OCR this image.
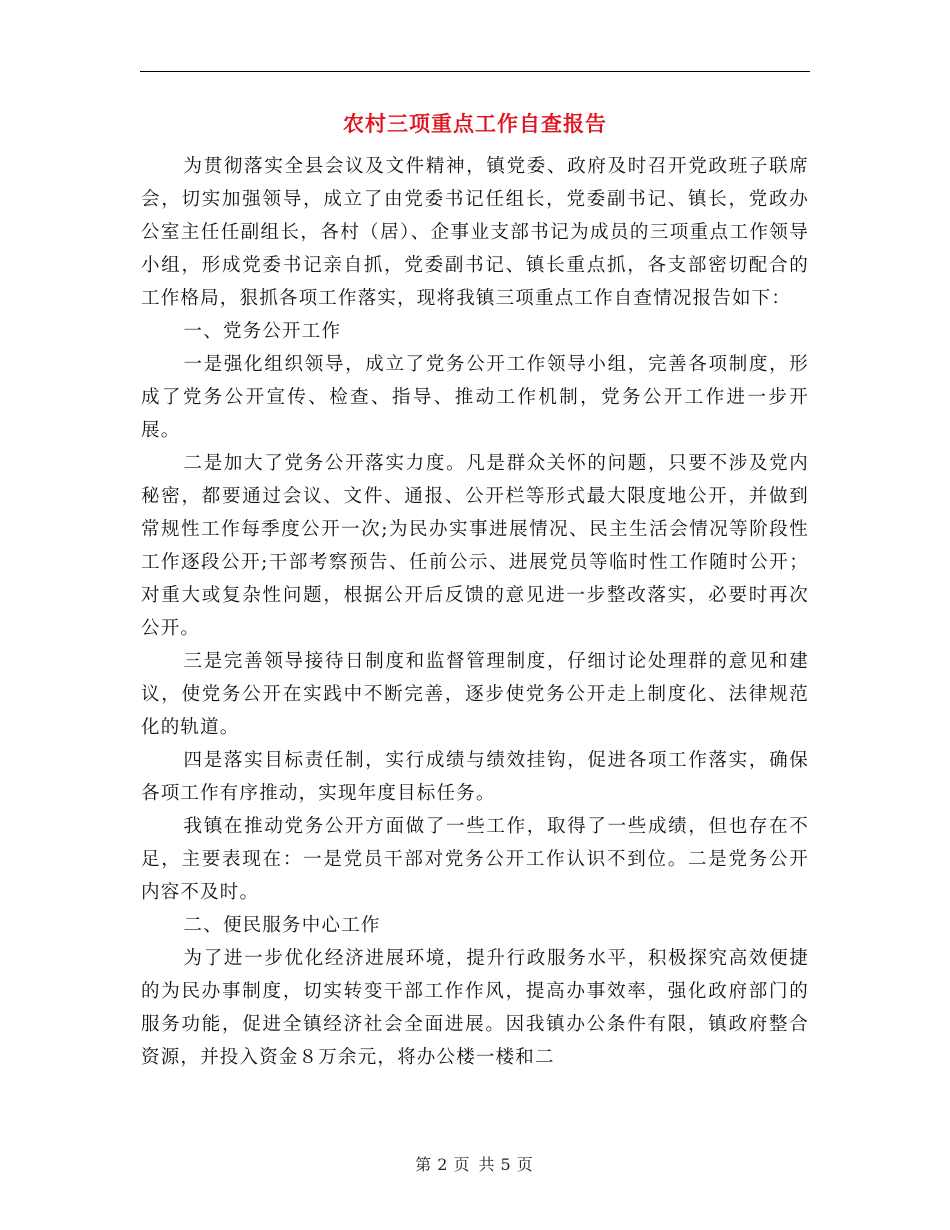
农村三项重点工作自查报告

为贯彻落实全县会议及文件精神，镇党委、政府及时召开党政班子联席会，切实加强领导，成立了由党委书记任组长，党委副书记、镇长，党政办公室主任任副组长，各村（居）、企事业支部书记为成员的三项重点工作领导小组，形成党委书记亲自抓，党委副书记、镇长重点抓，各支部密切配合的工作格局，狠抓各项工作落实，现将我镇三项重点工作自查情况报告如下：

一、党务公开工作

一是强化组织领导，成立了党务公开工作领导小组，完善各项制度，形成了党务公开宣传、检查、指导、推动工作机制，党务公开工作进一步开展。

二是加大了党务公开落实力度。凡是群众关怀的问题，只要不涉及党内秘密，都要通过会议、文件、通报、公开栏等形式最大限度地公开，并做到常规性工作每季度公开一次;为民办实事进展情况、民主生活会情况等阶段性工作逐段公开;干部考察预告、任前公示、进展党员等临时性工作随时公开；对重大或复杂性问题，根据公开后反馈的意见进一步整改落实，必要时再次公开。

三是完善领导接待日制度和监督管理制度，仔细讨论处理群的意见和建议，使党务公开在实践中不断完善，逐步使党务公开走上制度化、法律规范化的轨道。

四是落实目标责任制，实行成绩与绩效挂钩，促进各项工作落实，确保各项工作有序推动，实现年度目标任务。

我镇在推动党务公开方面做了一些工作，取得了一些成绩，但也存在不足，主要表现在：一是党员干部对党务公开工作认识不到位。二是党务公开内容不及时。

二、便民服务中心工作

为了进一步优化经济进展环境，提升行政服务水平，积极探究高效便捷的为民办事制度，切实转变干部工作作风，提高办事效率，强化政府部门的服务功能，促进全镇经济社会全面进展。因我镇办公条件有限，镇政府整合资源，并投入资金８万余元，将办公楼一楼和二

第 2 页 共 5 页
